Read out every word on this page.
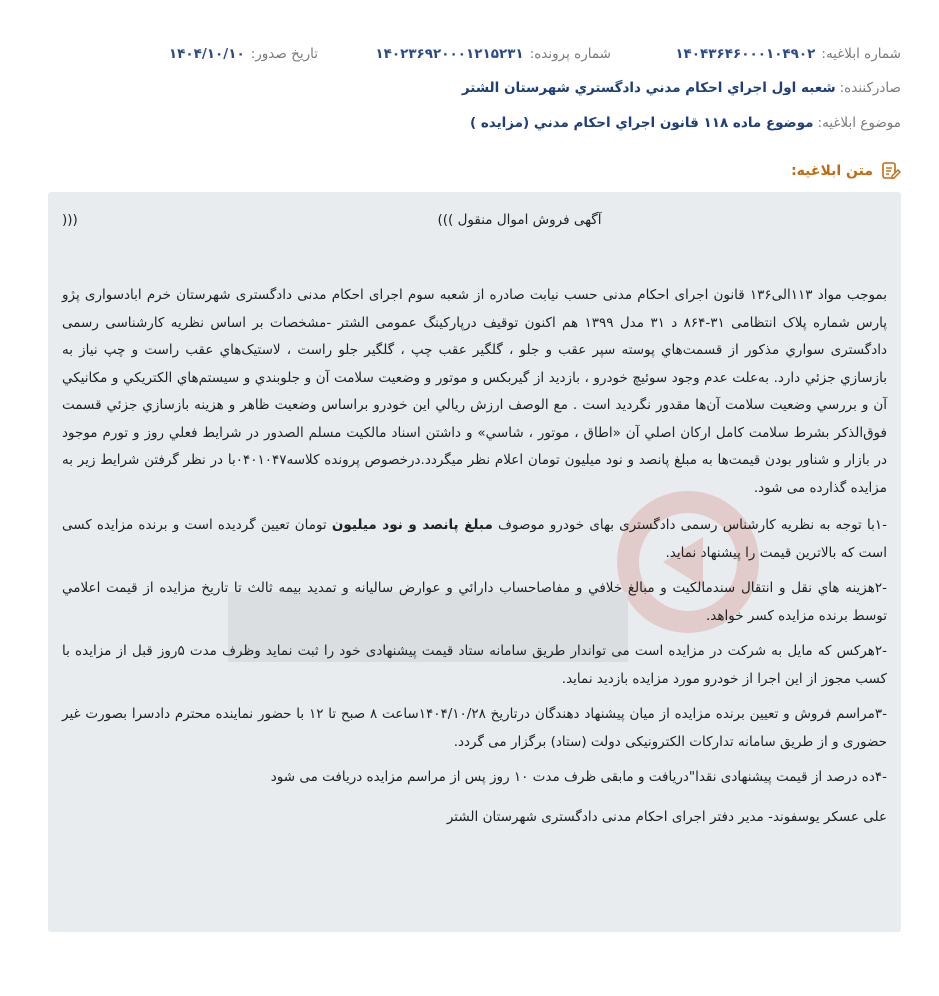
شماره ابلاغیه:۱۴۰۴۳۶۴۶۰۰۰۱۰۴۹۰۲
شماره پرونده:۱۴۰۲۳۶۹۲۰۰۰۱۲۱۵۲۳۱
تاریخ صدور:۱۴۰۴/۱۰/۱۰
صادرکننده:شعبه اول اجراي احكام مدني دادگستري شهرستان الشتر
موضوع ابلاغیه:موضوع ماده ۱۱۸ قانون اجراي احكام مدني (مزایده )
متن ابلاغیه:
)))	آگهی فروش اموال منقول )))

بموجب مواد ۱۱۳الی۱۳۶ قانون اجرای احکام مدنی حسب نیابت صادره از شعبه سوم اجرای احکام مدنی دادگستری شهرستان خرم ابادسواری پژو پارس شماره پلاک انتظامی ۳۱-۸۶۴ د ۳۱ مدل ۱۳۹۹ هم اکنون توقیف درپارکینگ عمومی الشتر -مشخصات بر اساس نظریه کارشناسی رسمی دادگستری سواري مذكور از قسمت‌هاي پوسته سپر عقب و جلو ، گلگیر عقب چپ ، گلگیر جلو راست ، لاستیک‌هاي عقب راست و چپ نیاز به بازسازي جزئي دارد. به‌علت عدم وجود سوئیچ خودرو ، بازدید از گیربکس و موتور و وضعیت سلامت آن و جلوبندي و سیستم‌هاي الكتريكي و مكانيكي آن و بررسي وضعیت سلامت آن‌ها مقدور نگرديد است . مع الوصف ارزش ريالي اين خودرو براساس وضعيت ظاهر و هزينه بازسازي جزئي قسمت فوق‌الذكر بشرط سلامت كامل اركان اصلي آن «اطاق ، موتور ، شاسي» و داشتن اسناد مالكيت مسلم الصدور در شرايط فعلي روز و تورم موجود در بازار و شناور بودن قیمت‌ها به مبلغ پانصد و نود میلیون تومان اعلام نظر میگردد.درخصوص پرونده کلاسه۰۴۰۱۰۴۷با در نظر گرفتن شرایط زیر به مزایده گذارده می شود.

-۱با توجه به نظریه کارشناس رسمی دادگستری بهای خودرو موصوف مبلغ پانصد و نود میلیون تومان تعیین گردیده است و برنده مزایده کسی است که بالاترین قیمت را پیشنهاد نماید.

-۲هزينه هاي نقل و انتقال سندمالكيت و مبالغ خلافي و مفاصاحساب دارائي و عوارض ساليانه و تمديد بيمه ثالث تا تاريخ مزايده از قيمت اعلامي توسط برنده مزايده كسر خواهد.

-۲هرکس که مایل به شرکت در مزایده است می تواندار طریق سامانه ستاد قیمت پیشنهادی خود را ثبت نماید وظرف مدت ۵روز قبل از مزایده با کسب مجوز از این اجرا از خودرو مورد مزایده بازدید نماید.

-۳مراسم فروش و تعیین برنده مزایده از میان پیشنهاد دهندگان درتاریخ ۱۴۰۴/۱۰/۲۸ساعت ۸ صبح تا ۱۲ با حضور نماینده محترم دادسرا بصورت غیر حضوری و از طریق سامانه تدارکات الکترونیکی دولت (ستاد) برگزار می گردد.

-۴ده درصد از قیمت پیشنهادی نقدا"دریافت و مابقی ظرف مدت ۱۰ روز پس از مراسم مزایده دریافت می شود

علی عسکر یوسفوند- مدیر دفتر اجرای احکام مدنی دادگستری شهرستان الشتر
